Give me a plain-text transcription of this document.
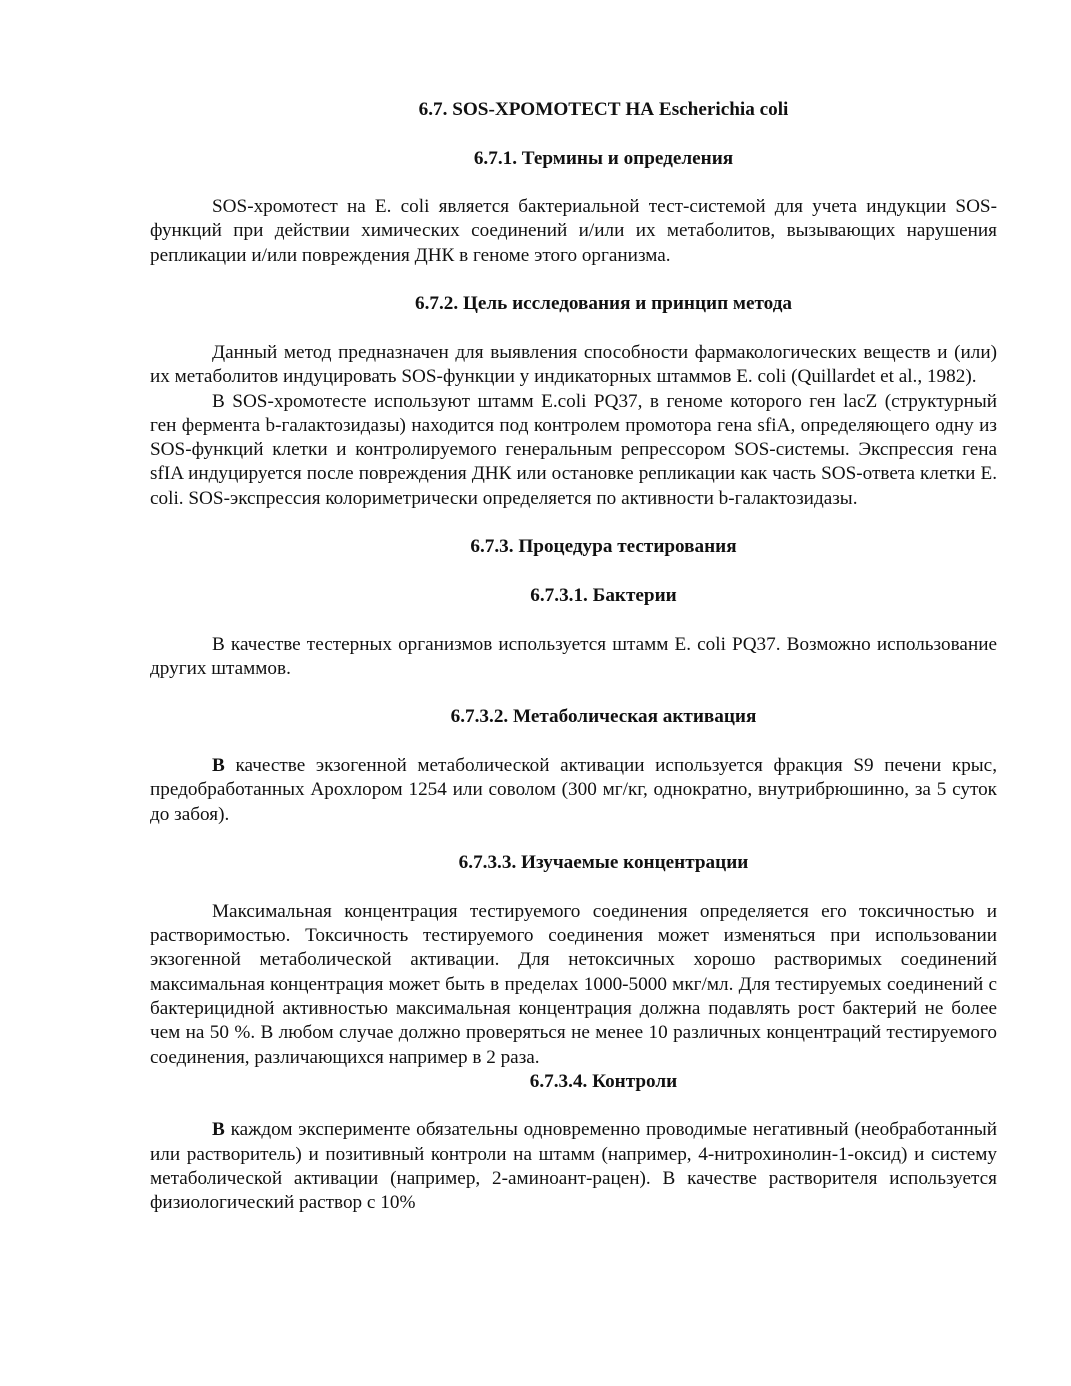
6.7. SOS-ХРОМОТЕСТ НА Escherichia coli
6.7.1. Термины и определения

SOS-хромотест на E. coli является бактериальной тест-системой для учета индукции SOS-функций при действии химических соединений и/или их метаболитов, вызывающих нарушения репликации и/или повреждения ДНК в геноме этого организма.

6.7.2. Цель исследования и принцип метода

Данный метод предназначен для выявления способности фармакологических веществ и (или) их метаболитов индуцировать SOS-функции у индикаторных штаммов E. coli (Quillardet et al., 1982).

В SOS-хромотесте используют штамм E.coli PQ37, в геноме которого ген lacZ (структурный ген фермента b-галактозидазы) находится под контролем промотора гена sfiA, определяющего одну из SOS-функций клетки и контролируемого генеральным репрессором SOS-системы. Экспрессия гена sfIA индуцируется после повреждения ДНК или остановке репликации как часть SOS-ответа клетки E. coli. SOS-экспрессия колориметрически определяется по активности b-галактозидазы.

6.7.3. Процедура тестирования
6.7.3.1. Бактерии

В качестве тестерных организмов используется штамм E. coli PQ37. Возможно использование других штаммов.

6.7.3.2. Метаболическая активация

В качестве экзогенной метаболической активации используется фракция S9 печени крыс, предобработанных Арохлором 1254 или соволом (300 мг/кг, однократно, внутрибрюшинно, за 5 суток до забоя).

6.7.3.3. Изучаемые концентрации

Максимальная концентрация тестируемого соединения определяется его токсичностью и растворимостью. Токсичность тестируемого соединения может изменяться при использовании экзогенной метаболической активации. Для нетоксичных хорошо растворимых соединений максимальная концентрация может быть в пределах 1000-5000 мкг/мл. Для тестируемых соединений с бактерицидной активностью максимальная концентрация должна подавлять рост бактерий не более чем на 50 %. В любом случае должно проверяться не менее 10 различных концентраций тестируемого соединения, различающихся например в 2 раза.

6.7.3.4. Контроли

В каждом эксперименте обязательны одновременно проводимые негативный (необработанный или растворитель) и позитивный контроли на штамм (например, 4-нитрохинолин-1-оксид) и систему метаболической активации (например, 2-аминоант-рацен). В качестве растворителя используется физиологический раствор с 10%
